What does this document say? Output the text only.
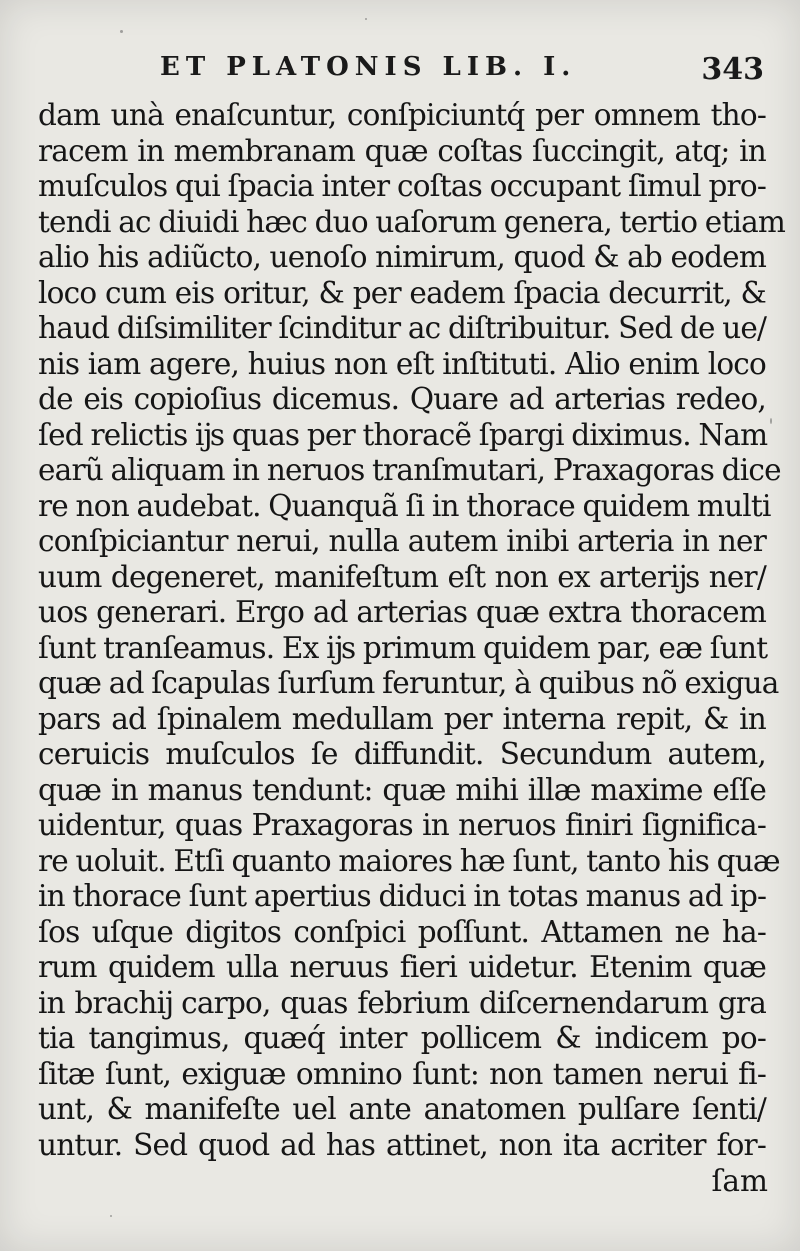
ET PLATONIS LIB. I.	343
dam unà enaſcuntur, conſpiciuntq́ per omnem tho-
racem in membranam quæ coſtas ſuccingit, atq; in
muſculos qui ſpacia inter coſtas occupant ſimul pro-
tendi ac diuidi hæc duo uaſorum genera, tertio etiam
alio his adiũcto, uenoſo nimirum, quod & ab eodem
loco cum eis oritur, & per eadem ſpacia decurrit, &
haud diſsimiliter ſcinditur ac diſtribuitur. Sed de ue/
nis iam agere, huius non eſt inſtituti. Alio enim loco
de eis copioſius dicemus. Quare ad arterias redeo,
ſed relictis ĳs quas per thoracẽ ſpargi diximus. Nam
earũ aliquam in neruos tranſmutari, Praxagoras dice
re non audebat. Quanquã ſi in thorace quidem multi
conſpiciantur nerui, nulla autem inibi arteria in ner
uum degeneret, manifeſtum eſt non ex arterĳs ner/
uos generari. Ergo ad arterias quæ extra thoracem
ſunt tranſeamus. Ex ĳs primum quidem par, eæ ſunt
quæ ad ſcapulas ſurſum feruntur, à quibus nõ exigua
pars ad ſpinalem medullam per interna repit, & in
ceruicis muſculos ſe diffundit. Secundum autem,
quæ in manus tendunt: quæ mihi illæ maxime eſſe
uidentur, quas Praxagoras in neruos finiri ſignifica-
re uoluit. Etſi quanto maiores hæ ſunt, tanto his quæ
in thorace ſunt apertius diduci in totas manus ad ip-
ſos uſque digitos conſpici poſſunt. Attamen ne ha-
rum quidem ulla neruus fieri uidetur. Etenim quæ
in brachĳ carpo, quas febrium diſcernendarum gra
tia tangimus, quæq́ inter pollicem & indicem po-
ſitæ ſunt, exiguæ omnino ſunt: non tamen nerui fi-
unt, & manifeſte uel ante anatomen pulſare ſenti/
untur. Sed quod ad has attinet, non ita acriter for-
ſam
